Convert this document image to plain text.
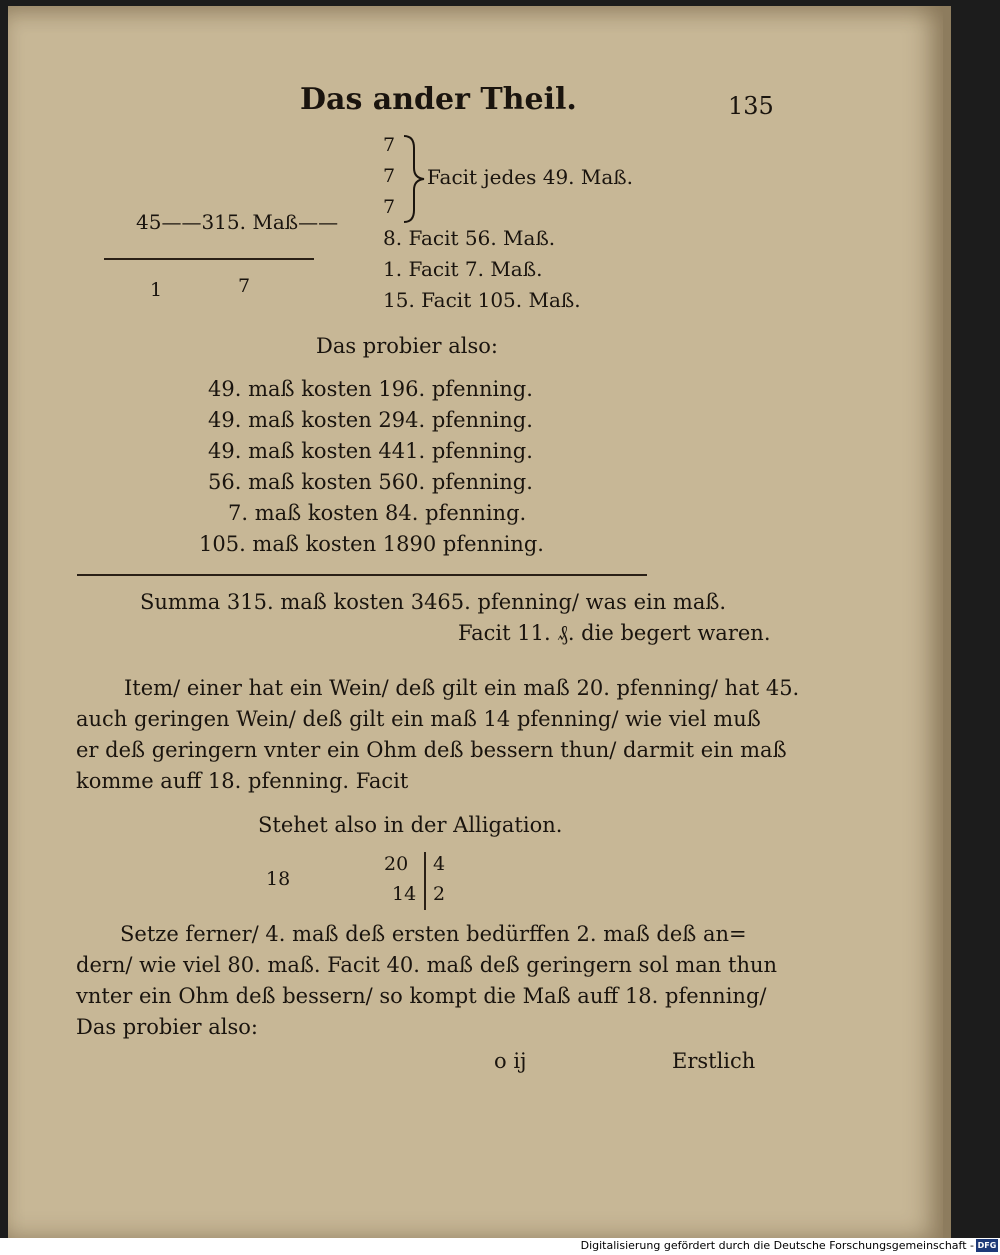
Das ander Theil.	135
7
7
7
Facit jedes 49. Maß.
45——315. Maß——
8. Facit 56. Maß.
1. Facit 7. Maß.
15. Facit 105. Maß.
1	7
Das probier also:
49. maß kosten 196. pfenning.
49. maß kosten 294. pfenning.
49. maß kosten 441. pfenning.
56. maß kosten 560. pfenning.
7. maß kosten 84. pfenning.
105. maß kosten 1890 pfenning.
Summa 315. maß kosten 3465. pfenning/ was ein maß.
Facit 11. ₰. die begert waren.
Item/ einer hat ein Wein/ deß gilt ein maß 20. pfenning/ hat 45.
auch geringen Wein/ deß gilt ein maß 14 pfenning/ wie viel muß
er deß geringern vnter ein Ohm deß bessern thun/ darmit ein maß
komme auff 18. pfenning. Facit
Stehet also in der Alligation.
18
20 4
14 2
Setze ferner/ 4. maß deß ersten bedürffen 2. maß deß an=
dern/ wie viel 80. maß. Facit 40. maß deß geringern sol man thun
vnter ein Ohm deß bessern/ so kompt die Maß auff 18. pfenning/
Das probier also:
o ij	Erstlich
Digitalisierung gefördert durch die Deutsche Forschungsgemeinschaft - DFG
